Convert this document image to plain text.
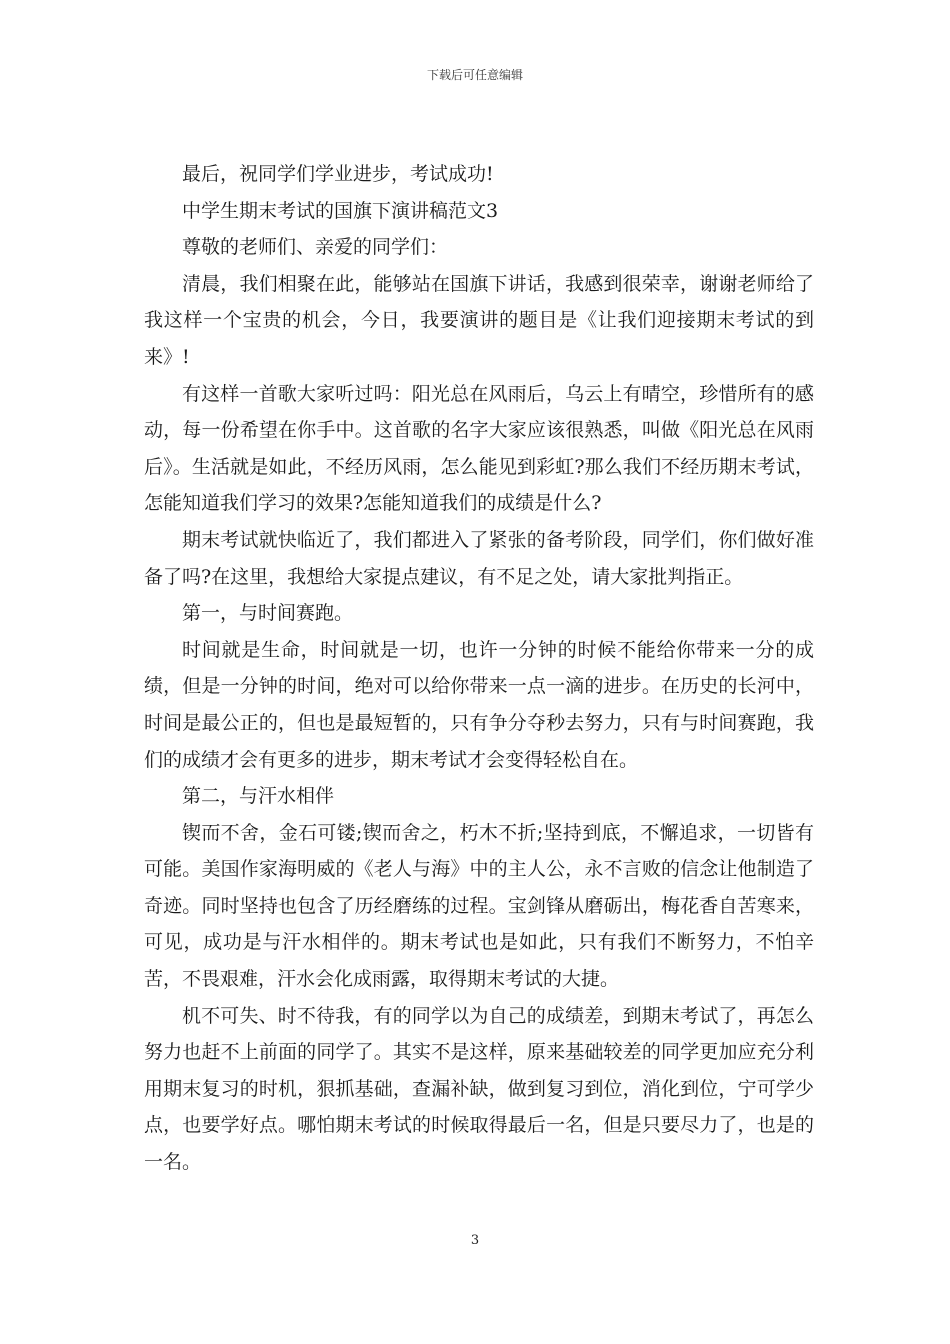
下载后可任意编辑

最后，祝同学们学业进步，考试成功!

中学生期末考试的国旗下演讲稿范文3

尊敬的老师们、亲爱的同学们：

清晨，我们相聚在此，能够站在国旗下讲话，我感到很荣幸，谢谢老师给了我这样一个宝贵的机会，今日，我要演讲的题目是《让我们迎接期末考试的到来》!

有这样一首歌大家听过吗：阳光总在风雨后，乌云上有晴空，珍惜所有的感动，每一份希望在你手中。这首歌的名字大家应该很熟悉，叫做《阳光总在风雨后》。生活就是如此，不经历风雨，怎么能见到彩虹?那么我们不经历期末考试，怎能知道我们学习的效果?怎能知道我们的成绩是什么?

期末考试就快临近了，我们都进入了紧张的备考阶段，同学们，你们做好准备了吗?在这里，我想给大家提点建议，有不足之处，请大家批判指正。

第一，与时间赛跑。

时间就是生命，时间就是一切，也许一分钟的时候不能给你带来一分的成绩，但是一分钟的时间，绝对可以给你带来一点一滴的进步。在历史的长河中，时间是最公正的，但也是最短暂的，只有争分夺秒去努力，只有与时间赛跑，我们的成绩才会有更多的进步，期末考试才会变得轻松自在。

第二，与汗水相伴

锲而不舍，金石可镂;锲而舍之，朽木不折;坚持到底，不懈追求，一切皆有可能。美国作家海明威的《老人与海》中的主人公，永不言败的信念让他制造了奇迹。同时坚持也包含了历经磨练的过程。宝剑锋从磨砺出，梅花香自苦寒来，可见，成功是与汗水相伴的。期末考试也是如此，只有我们不断努力，不怕辛苦，不畏艰难，汗水会化成雨露，取得期末考试的大捷。

机不可失、时不待我，有的同学以为自己的成绩差，到期末考试了，再怎么努力也赶不上前面的同学了。其实不是这样，原来基础较差的同学更加应充分利用期末复习的时机，狠抓基础，查漏补缺，做到复习到位，消化到位，宁可学少点，也要学好点。哪怕期末考试的时候取得最后一名，但是只要尽力了，也是的一名。

3
